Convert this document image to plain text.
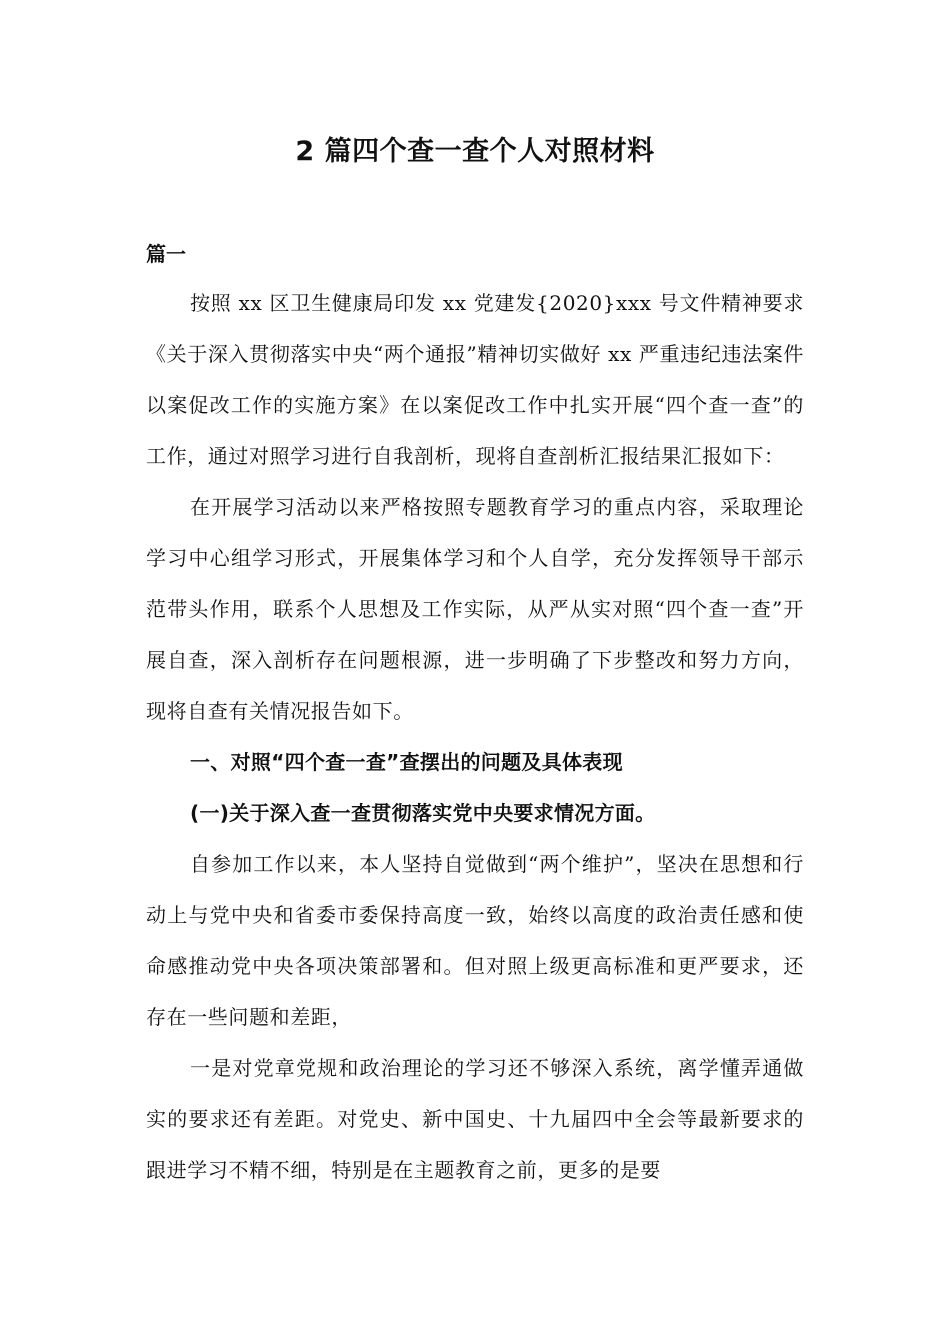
2 篇四个查一查个人对照材料
篇一

按照 xx 区卫生健康局印发 xx 党建发{2020}xxx 号文件精神要求《关于深入贯彻落实中央“两个通报”精神切实做好 xx 严重违纪违法案件以案促改工作的实施方案》在以案促改工作中扎实开展“四个查一查”的工作，通过对照学习进行自我剖析，现将自查剖析汇报结果汇报如下：

在开展学习活动以来严格按照专题教育学习的重点内容，采取理论学习中心组学习形式，开展集体学习和个人自学，充分发挥领导干部示范带头作用，联系个人思想及工作实际，从严从实对照“四个查一查”开展自查，深入剖析存在问题根源，进一步明确了下步整改和努力方向，现将自查有关情况报告如下。

一、对照“四个查一查”查摆出的问题及具体表现

(一)关于深入查一查贯彻落实党中央要求情况方面。

自参加工作以来，本人坚持自觉做到“两个维护”，坚决在思想和行动上与党中央和省委市委保持高度一致，始终以高度的政治责任感和使命感推动党中央各项决策部署和。但对照上级更高标准和更严要求，还存在一些问题和差距，

一是对党章党规和政治理论的学习还不够深入系统，离学懂弄通做实的要求还有差距。对党史、新中国史、十九届四中全会等最新要求的跟进学习不精不细，特别是在主题教育之前，更多的是要
